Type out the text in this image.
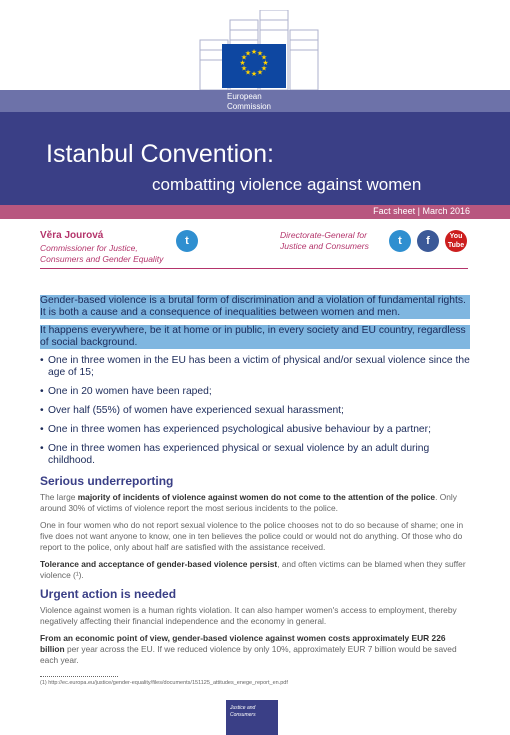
★ ★
★
★
★
★
★
★
★
★
★
★
European
Commission
Istanbul Convention:
combatting violence against women
Fact sheet | March 2016
Věra Jourová
Commissioner for Justice, Consumers and Gender Equality
t	Directorate-General for Justice and Consumers	t	f	You Tube

Gender-based violence is a brutal form of discrimination and a violation of fundamental rights. It is both a cause and a consequence of inequalities between women and men.

It happens everywhere, be it at home or in public, in every society and EU country, regardless of social background.

• One in three women in the EU has been a victim of physical and/or sexual violence since the age of 15;
• One in 20 women have been raped;
• Over half (55%) of women have experienced sexual harassment;
• One in three women has experienced psychological abusive behaviour by a partner;
• One in three women has experienced physical or sexual violence by an adult during childhood.
Serious underreporting

The large majority of incidents of violence against women do not come to the attention of the police. Only around 30% of victims of violence report the most serious incidents to the police.

One in four women who do not report sexual violence to the police chooses not to do so because of shame; one in five does not want anyone to know, one in ten believes the police could or would not do anything. Of those who do report to the police, only about half are satisfied with the assistance received.

Tolerance and acceptance of gender-based violence persist, and often victims can be blamed when they suffer violence (¹).

Urgent action is needed

Violence against women is a human rights violation. It can also hamper women's access to employment, thereby negatively affecting their financial independence and the economy in general.

From an economic point of view, gender-based violence against women costs approximately EUR 226 billion per year across the EU. If we reduced violence by only 10%, approximately EUR 7 billion would be saved each year.

(1) http://ec.europa.eu/justice/gender-equality/files/documents/151125_attitudes_enege_report_en.pdf

Justice and Consumers
